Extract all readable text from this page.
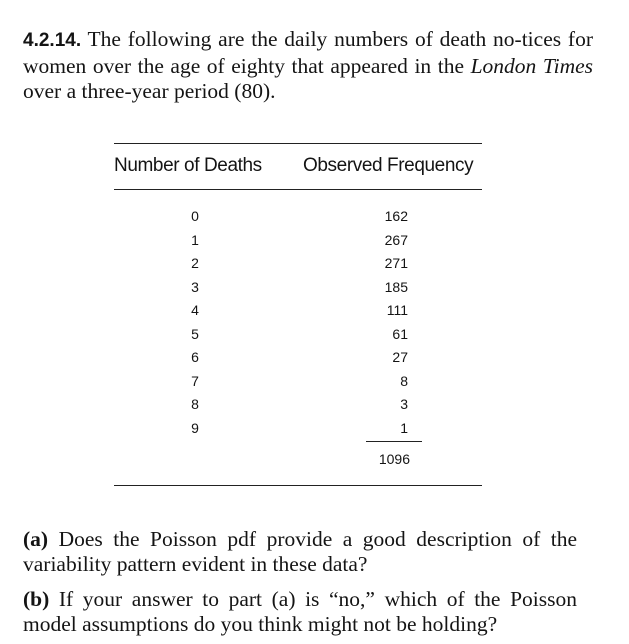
4.2.14. The following are the daily numbers of death no-tices for women over the age of eighty that appeared in the London Times over a three-year period (80).

Number of Deaths Observed Frequency
0
1
2
3
4
5
6
7
8
9
162
267
271
185
111
61
27
8
3
1
1096

(a) Does the Poisson pdf provide a good description of the variability pattern evident in these data?

(b) If your answer to part (a) is “no,” which of the Poisson model assumptions do you think might not be holding?
